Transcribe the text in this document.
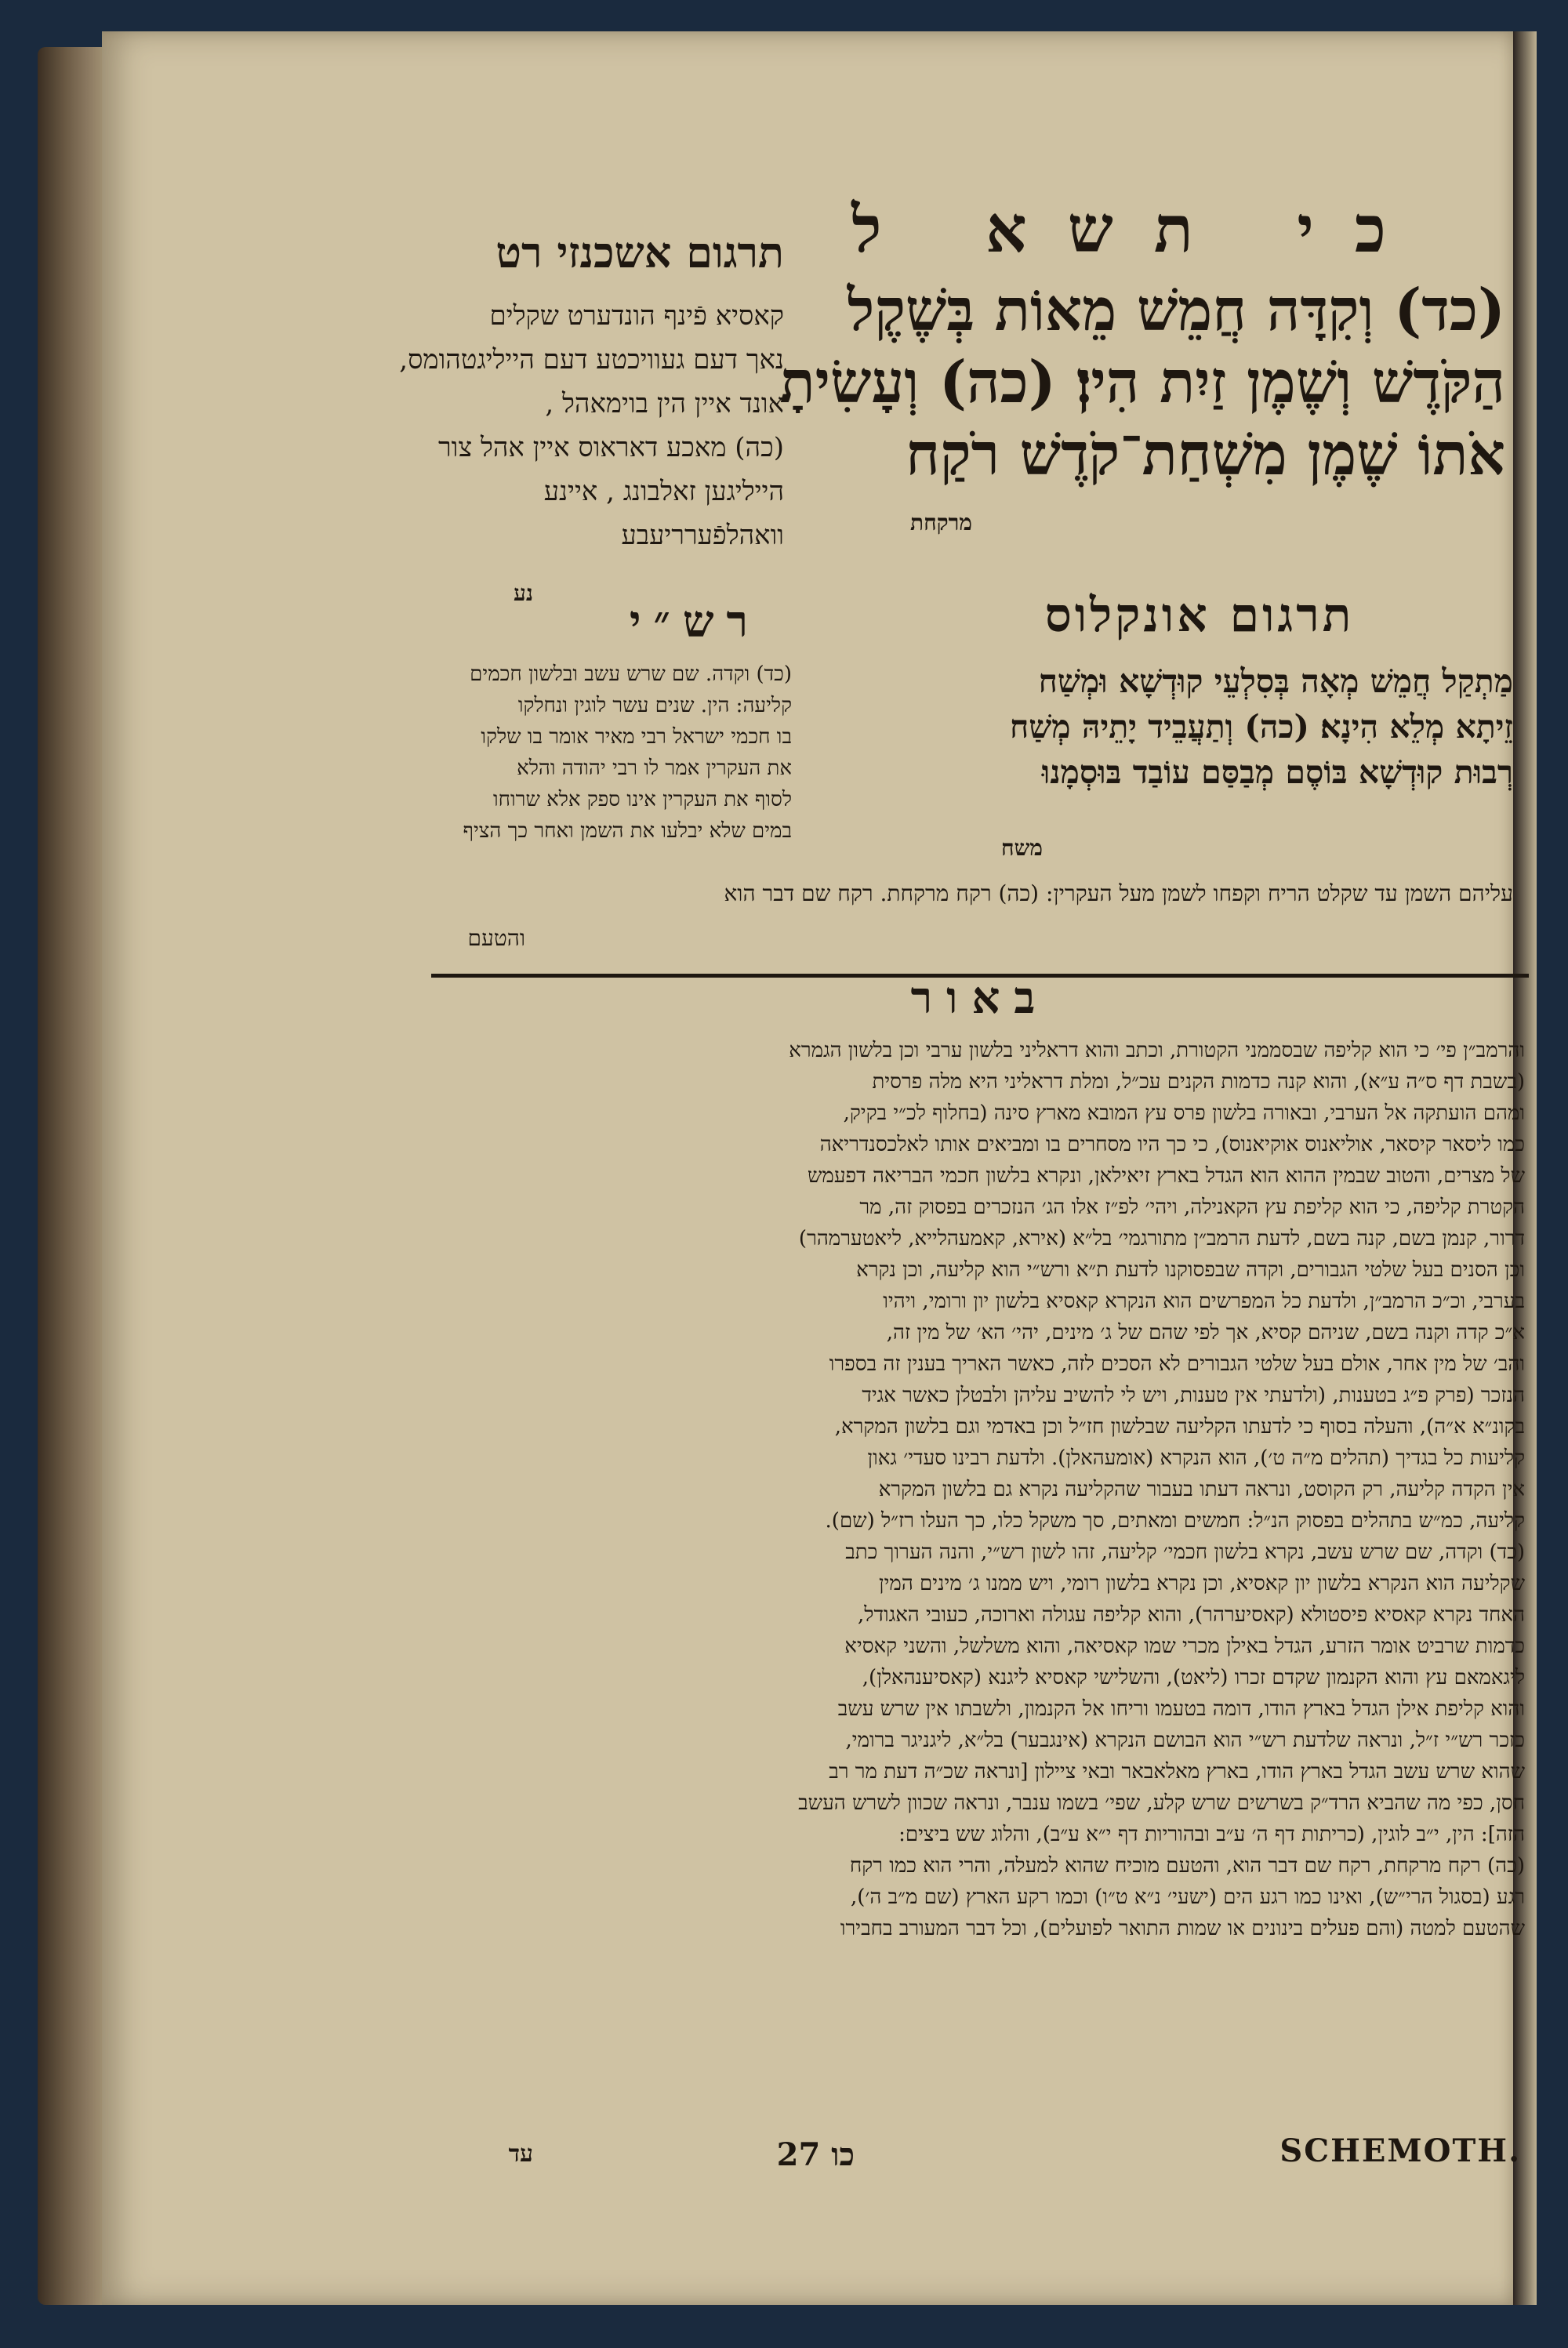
כי תשא ל

(כד) וְקִדָּה חֲמֵשׁ מֵאוֹת בְּשֶׁקֶל

הַקֹּדֶשׁ וְשֶׁמֶן זַיִת הִין׃ (כה) וְעָשִׂיתָ

אֹתוֹ שֶׁמֶן מִשְׁחַת־קֹדֶשׁ רֹקַח

מרקחת
תרגום אשכנזי רט

קאסיא פֿינף הונדערט שקלים

נאך דעם געוויכטע דעם הייליגטהומס,

אונד איין הין בוימאהל ,

(כה) מאכע דאראוס איין אהל צור

הייליגען זאלבונג , איינע

וואהלפֿערריעבע

נע
רש״י

(כד) וקדה. שם שרש עשב ובלשון חכמים

קליעה: הין. שנים עשר לוגין ונחלקו

בו חכמי ישראל רבי מאיר אומר בו שלקו

את העקרין אמר לו רבי יהודה והלא

לסוף את העקרין אינו ספק אלא שרוחו

במים שלא יבלעו את השמן ואחר כך הציף

והטעם
תרגום אונקלוס

מַתְקַל חֲמֵשׁ מְאָה בְּסִלְעֵי קוּדְשָׁא וּמְשַׁח

זֵיתָא מְלֵא הִינָא׃ (כה) וְתַעֲבֵיד יָתֵיהּ מְשַׁח

רְבוּת קוּדְשָׁא בּוֹסֶם מְבַסַּם עוֹבַד בּוּסְמָנוּ

משח
עליהם השמן עד שקלט הריח וקפחו לשמן מעל העקרין: (כה) רקח מרקחת. רקח שם דבר הוא
באור

והרמב״ן פי׳ כי הוא קליפה שבסממני הקטורת, וכתב והוא דראליני בלשון ערבי וכן בלשון הגמרא

(בשבת דף ס״ה ע״א), והוא קנה כדמות הקנים עכ״ל, ומלת דראליני היא מלה פרסית

ומהם הועתקה אל הערבי, ובאורה בלשון פרס עץ המובא מארץ סינה (בחלוף לכ״י בקיק,

כמו ליסאר קיסאר, אוליאנוס אוקיאנוס), כי כך היו מסחרים בו ומביאים אותו לאלכסנדריאה

של מצרים, והטוב שבמין ההוא הוא הגדל בארץ זיאילאן, ונקרא בלשון חכמי הבריאה דפעמש

הקטרת קליפה, כי הוא קליפת עץ הקאנילה, ויהי׳ לפ״ז אלו הג׳ הנזכרים בפסוק זה, מר

דרור, קנמן בשם, קנה בשם, לדעת הרמב״ן מתורגמי׳ בל״א (אירא, קאמעהלייא, ליאטערמהר)

וכן הסנים בעל שלטי הגבורים, וקדה שבפסוקנו לדעת ת״א ורש״י הוא קליעה, וכן נקרא

בערבי, וכ״כ הרמב״ן, ולדעת כל המפרשים הוא הנקרא קאסיא בלשון יון ורומי, ויהיו

א״כ קדה וקנה בשם, שניהם קסיא, אך לפי שהם של ג׳ מינים, יהי׳ הא׳ של מין זה,

והב׳ של מין אחר, אולם בעל שלטי הגבורים לא הסכים לזה, כאשר האריך בענין זה בספרו

הנזכר (פרק פ״ג בטענות, (ולדעתי אין טענות, ויש לי להשיב עליהן ולבטלן כאשר אגיד

בקונ״א א״ה), והעלה בסוף כי לדעתו הקליעה שבלשון חז״ל וכן באדמי וגם בלשון המקרא,

קליעות כל בגדיך (תהלים מ״ה ט׳), הוא הנקרא (אומעהאלן). ולדעת רבינו סעדי׳ גאון

אין הקדה קליעה, רק הקוסט, ונראה דעתו בעבור שהקליעה נקרא גם בלשון המקרא

קליעה, כמ״ש בתהלים בפסוק הנ״ל: חמשים ומאתים, סך משקל כלו, כך העלו רז״ל (שם).

(כד) וקדה, שם שרש עשב, נקרא בלשון חכמי׳ קליעה, זהו לשון רש״י, והנה הערוך כתב

שקליעה הוא הנקרא בלשון יון קאסיא, וכן נקרא בלשון רומי, ויש ממנו ג׳ מינים המין

האחד נקרא קאסיא פיסטולא (קאסיערהר), והוא קליפה עגולה וארוכה, כעובי האגודל,

כדמות שרביט אומר הזרע, הגדל באילן מכרי שמו קאסיאה, והוא משלשל, והשני קאסיא

ליגאמאם עץ והוא הקנמון שקדם זכרו (ליאט), והשלישי קאסיא ליגנא (קאסיענהאלן),

והוא קליפת אילן הגדל בארץ הודו, דומה בטעמו וריחו אל הקנמון, ולשבתו אין שרש עשב

כזכר רש״י ז״ל, ונראה שלדעת רש״י הוא הבושם הנקרא (אינגבער) בל״א, ליגניגר ברומי,

שהוא שרש עשב הגדל בארץ הודו, בארץ מאלאבאר ובאי ציילון [ונראה שכ״ה דעת מר רב

חסן, כפי מה שהביא הרד״ק בשרשים שרש קלע, שפי׳ בשמו ענבר, ונראה שכוון לשרש העשב

הזה]: הין, י״ב לוגין, (כריתות דף ה׳ ע״ב ובהוריות דף י״א ע״ב), והלוג שש ביצים:

(כה) רקח מרקחת, רקח שם דבר הוא, והטעם מוכיח שהוא למעלה, והרי הוא כמו רקח

רגע (בסגול הרי״ש), ואינו כמו רגע הים (ישעי׳ נ״א ט״ו) וכמו רקע הארץ (שם מ״ב ה׳),

שהטעם למטה (והם פעלים בינונים או שמות התואר לפועלים), וכל דבר המעורב בחבירו

עד	כו 27	SCHEMOTH.
